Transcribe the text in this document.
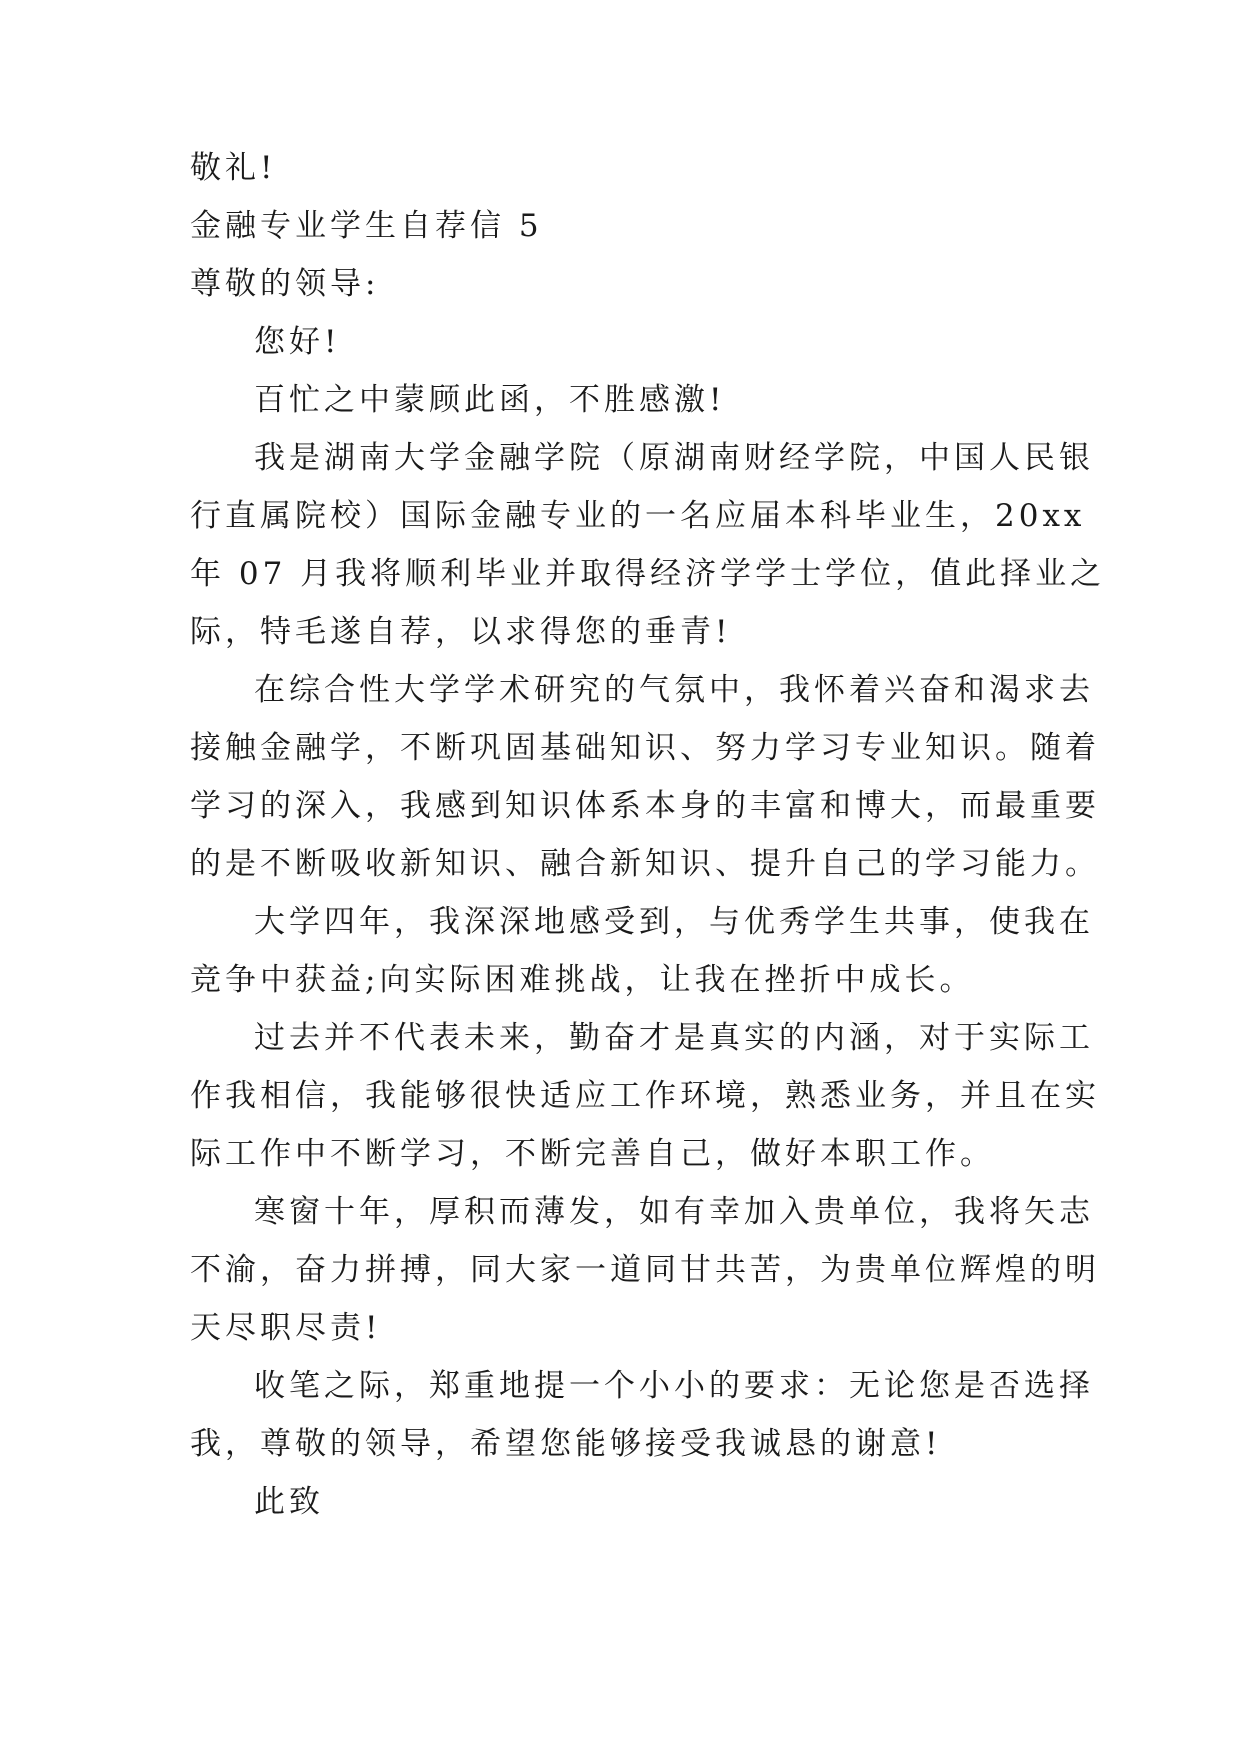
敬礼!
金融专业学生自荐信 5
尊敬的领导:
您好!
百忙之中蒙顾此函，不胜感激!
我是湖南大学金融学院（原湖南财经学院，中国人民银
行直属院校）国际金融专业的一名应届本科毕业生，20xx
年 07 月我将顺利毕业并取得经济学学士学位，值此择业之
际，特毛遂自荐，以求得您的垂青!
在综合性大学学术研究的气氛中，我怀着兴奋和渴求去
接触金融学，不断巩固基础知识、努力学习专业知识。随着
学习的深入，我感到知识体系本身的丰富和博大，而最重要
的是不断吸收新知识、融合新知识、提升自己的学习能力。
大学四年，我深深地感受到，与优秀学生共事，使我在
竞争中获益;向实际困难挑战，让我在挫折中成长。
过去并不代表未来，勤奋才是真实的内涵，对于实际工
作我相信，我能够很快适应工作环境，熟悉业务，并且在实
际工作中不断学习，不断完善自己，做好本职工作。
寒窗十年，厚积而薄发，如有幸加入贵单位，我将矢志
不渝，奋力拼搏，同大家一道同甘共苦，为贵单位辉煌的明
天尽职尽责!
收笔之际，郑重地提一个小小的要求：无论您是否选择
我，尊敬的领导，希望您能够接受我诚恳的谢意!
此致
